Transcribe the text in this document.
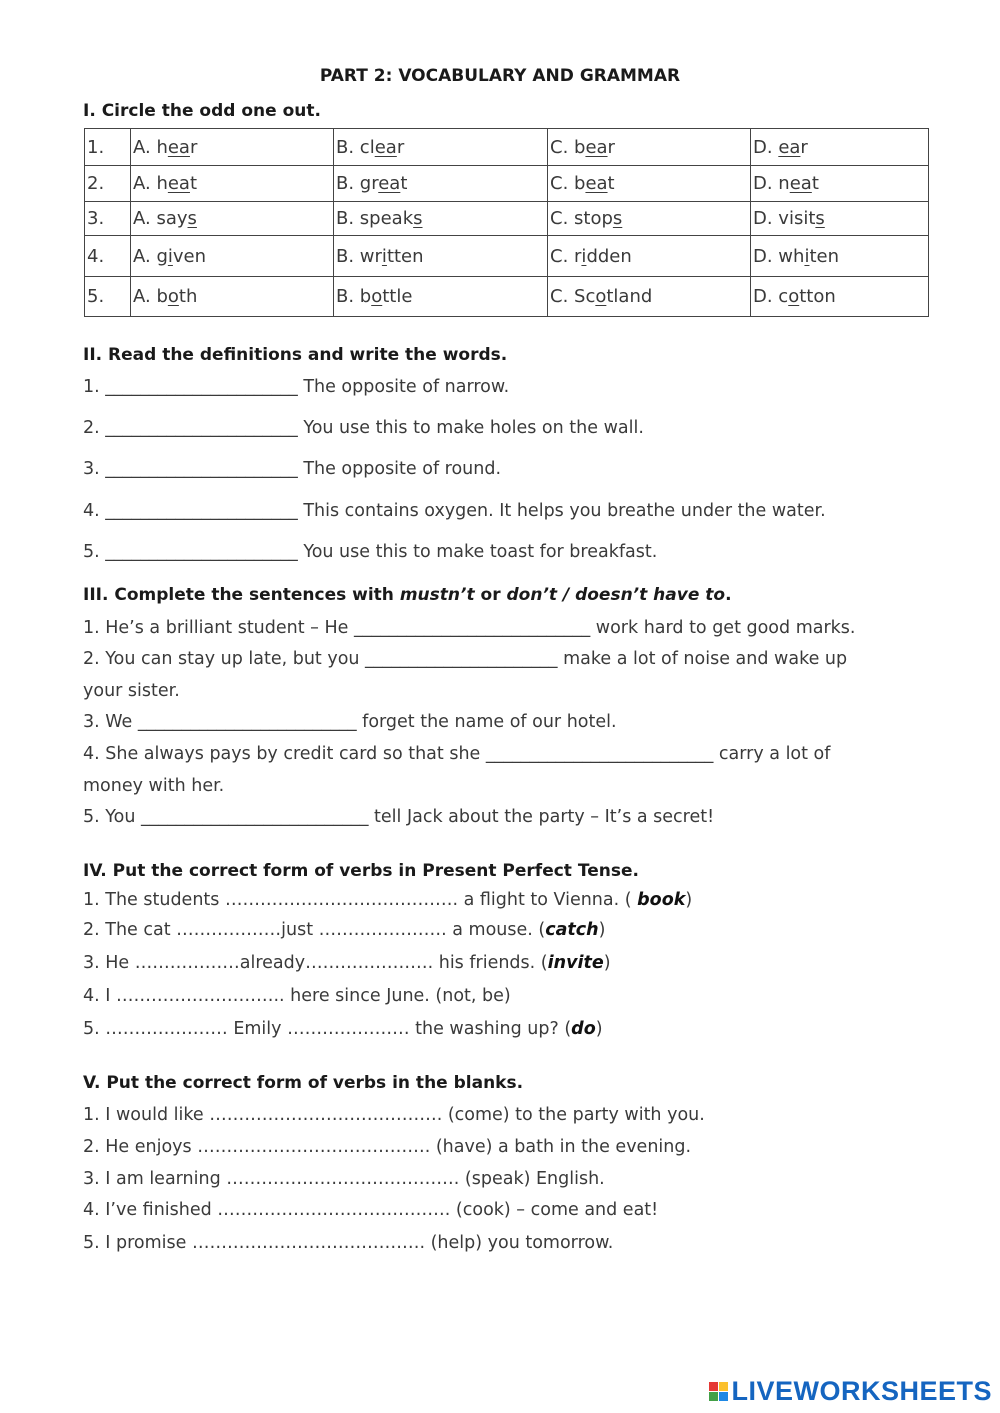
PART 2: VOCABULARY AND GRAMMAR
I. Circle the odd one out.
1.	A. hear	B. clear	C. bear	D. ear
2.	A. heat	B. great	C. beat	D. neat
3.	A. says	B. speaks	C. stops	D. visits
4.	A. given	B. written	C. ridden	D. whiten
5.	A. both	B. bottle	C. Scotland	D. cotton
II. Read the definitions and write the words.
1. ______________________ The opposite of narrow.
2. ______________________ You use this to make holes on the wall.
3. ______________________ The opposite of round.
4. ______________________ This contains oxygen. It helps you breathe under the water.
5. ______________________ You use this to make toast for breakfast.
III. Complete the sentences with mustn’t or don’t / doesn’t have to.
1. He’s a brilliant student – He ___________________________ work hard to get good marks.
2. You can stay up late, but you ______________________ make a lot of noise and wake up
your sister.
3. We _________________________ forget the name of our hotel.
4. She always pays by credit card so that she __________________________ carry a lot of
money with her.
5. You __________________________ tell Jack about the party – It’s a secret!
IV. Put the correct form of verbs in Present Perfect Tense.
1. The students …………………………………. a flight to Vienna. ( book)
2. The cat ………………just …………………. a mouse. (catch)
3. He ………………already…………………. his friends. (invite)
4. I ……………………….. here since June. (not, be)
5. ………………… Emily ………………… the washing up? (do)
V. Put the correct form of verbs in the blanks.
1. I would like …………………………………. (come) to the party with you.
2. He enjoys …………………………………. (have) a bath in the evening.
3. I am learning …………………………………. (speak) English.
4. I’ve finished …………………………………. (cook) – come and eat!
5. I promise …………………………………. (help) you tomorrow.
LIVEWORKSHEETS
